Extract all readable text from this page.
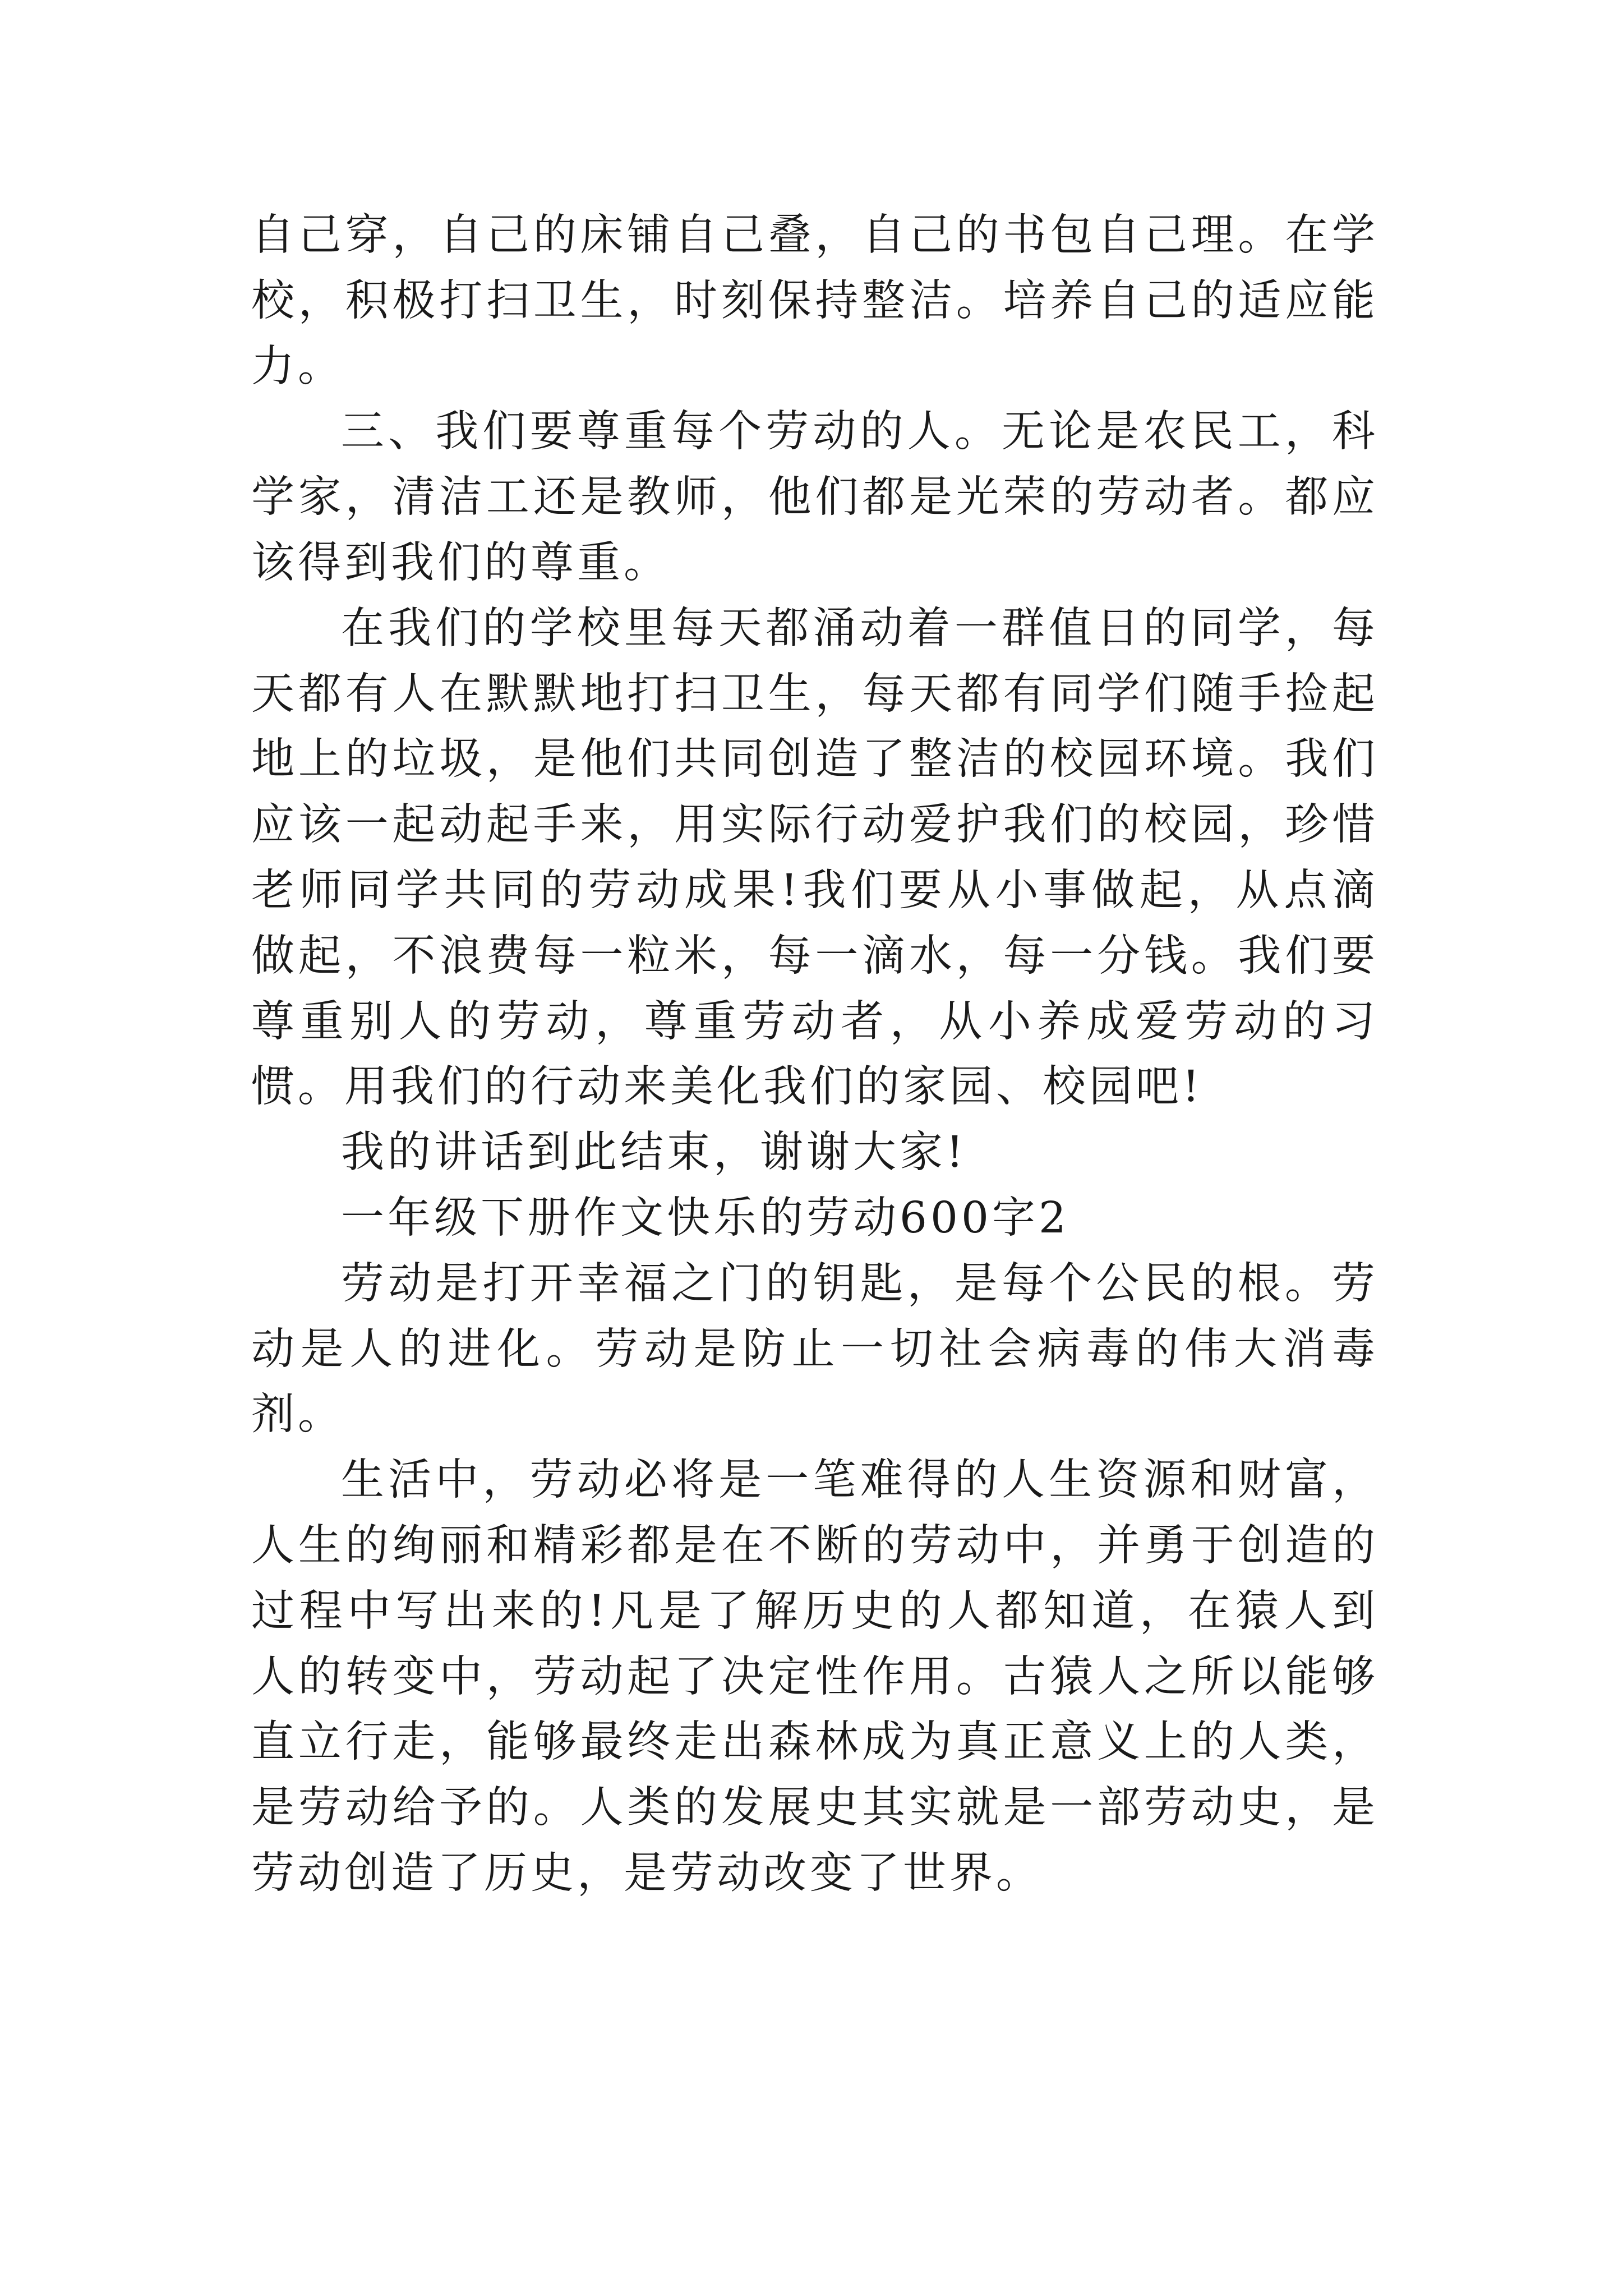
自己穿，自己的床铺自己叠，自己的书包自己理。在学校，积极打扫卫生，时刻保持整洁。培养自己的适应能力。

三、我们要尊重每个劳动的人。无论是农民工，科学家，清洁工还是教师，他们都是光荣的劳动者。都应该得到我们的尊重。

在我们的学校里每天都涌动着一群值日的同学，每天都有人在默默地打扫卫生，每天都有同学们随手捡起地上的垃圾，是他们共同创造了整洁的校园环境。我们应该一起动起手来，用实际行动爱护我们的校园，珍惜老师同学共同的劳动成果!我们要从小事做起，从点滴做起，不浪费每一粒米，每一滴水，每一分钱。我们要尊重别人的劳动，尊重劳动者，从小养成爱劳动的习惯。用我们的行动来美化我们的家园、校园吧!

我的讲话到此结束，谢谢大家!

一年级下册作文快乐的劳动600字2

劳动是打开幸福之门的钥匙，是每个公民的根。劳动是人的进化。劳动是防止一切社会病毒的伟大消毒剂。

生活中，劳动必将是一笔难得的人生资源和财富，人生的绚丽和精彩都是在不断的劳动中，并勇于创造的过程中写出来的!凡是了解历史的人都知道，在猿人到人的转变中，劳动起了决定性作用。古猿人之所以能够直立行走，能够最终走出森林成为真正意义上的人类，是劳动给予的。人类的发展史其实就是一部劳动史，是劳动创造了历史，是劳动改变了世界。
